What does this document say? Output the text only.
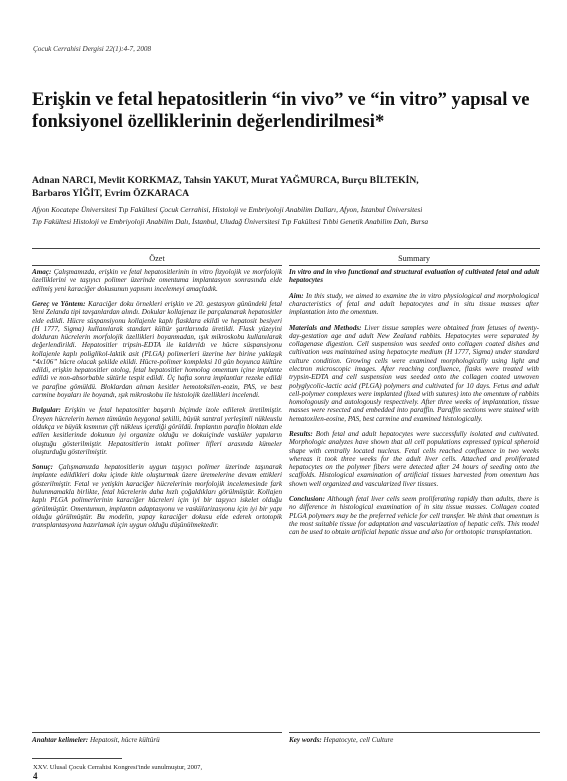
Çocuk Cerrahisi Dergisi 22(1):4-7, 2008
Erişkin ve fetal hepatositlerin “in vivo” ve “in vitro” yapısal ve fonksiyonel özelliklerinin değerlendirilmesi*
Adnan NARCI, Mevlit KORKMAZ, Tahsin YAKUT, Murat YAĞMURCA, Burçu BİLTEKİN,
Barbaros YİĞİT, Evrim ÖZKARACA
Afyon Kocatepe Üniversitesi Tıp Fakültesi Çocuk Cerrahisi, Histoloji ve Embriyoloji Anabilim Dalları, Afyon, İstanbul Üniversitesi
Tıp Fakültesi Histoloji ve Embriyoloji Anabilim Dalı, İstanbul, Uludağ Üniversitesi Tıp Fakültesi Tıbbi Genetik Anabilim Dalı, Bursa
Özet	Summary

Amaç: Çalışmamızda, erişkin ve fetal hepatositlerinin in vitro fizyolojik ve morfolojik özelliklerini ve taşıyıcı polimer üzerinde omentuma implantasyon sonrasında elde edilmiş yeni karaciğer dokusunun yapısını incelemeyi amaçladık.

Gereç ve Yöntem: Karaciğer doku örnekleri erişkin ve 20. gestasyon günündeki fetal Yeni Zelanda tipi tavşanlardan alındı. Dokular kollajenaz ile parçalanarak hepatositler elde edildi. Hücre süspansiyonu kollajenle kaplı flasklara ekildi ve hepatosit besiyeri (H 1777, Sigma) kullanılarak standart kültür şartlarında üretildi. Flask yüzeyini dolduran hücrelerin morfolojik özellikleri boyanmadan, ışık mikroskobu kullanılarak değerlendirildi. Hepatositler tripsin-EDTA ile kaldırıldı ve hücre süspansiyonu kollajenle kaplı poliglikol-laktik asit (PLGA) polimerleri üzerine her birine yaklaşık “4x106” hücre olacak şekilde ekildi. Hücre-polimer kompleksi 10 gün boyunca kültüre edildi, erişkin hepatositler otolog, fetal hepatositler homolog omentum içine implante edildi ve non-absorbable sütürle tespit edildi. Üç hafta sonra implantlar rezeke edildi ve parafine gömüldü. Bloklardan alınan kesitler hemotoksilen-eozin, PAS, ve best carmine boyaları ile boyandı, ışık mikroskobu ile histolojik özellikleri incelendi.

Bulgular: Erişkin ve fetal hepatositler başarılı biçimde izole edilerek üretilmiştir. Üreyen hücrelerin hemen tümünün heygonal şekilli, büyük santral yerleşimli nükleuslu oldukça ve büyük kısmının çift nükleus içerdiği görüldü. İmplantın parafin bloktan elde edilen kesitlerinde dokunun iyi organize olduğu ve dokuiçinde vasküler yapıların oluştuğu gösterilmiştir. Hepatositlerin intakt polimer lifleri arasında kümeler oluşturduğu gösterilmiştir.

Sonuç: Çalışmamızda hepatositlerin uygun taşıyıcı polimer üzerinde taşınarak implante edildikleri doku içinde kitle oluşturmak üzere üremelerine devam ettikleri gösterilmiştir. Fetal ve yetişkin karaciğer hücrelerinin morfolojik incelemesinde fark bulunmamakla birlikte, fetal hücrelerin daha hızlı çoğaldıkları görülmüştür. Kollajen kaplı PLGA polimerlerinin karaciğer hücreleri için iyi bir taşıyıcı iskelet olduğu görülmüştür. Omentumun, implantın adaptasyonu ve vaskülarizasyonu için iyi bir yapı olduğu görülmüştür. Bu modelin, yapay karaciğer dokusu elde ederek ortotopik transplantasyona hazırlamak için uygun olduğu düşünülmektedir.

In vitro and in vivo functional and structural evaluation of cultivated fetal and adult hepatocytes

Aim: In this study, we aimed to examine the in vitro physiological and morphological characteristics of fetal and adult hepatocytes and in situ tissue masses after implantation into the omentum.

Materials and Methods: Liver tissue samples were obtained from fetuses of twenty-day-gestation age and adult New Zealand rabbits. Hepatocytes were separated by collagenase digestion. Cell suspension was seeded onto collagen coated dishes and cultivation was maintained using hepatocyte medium (H 1777, Sigma) under standard culture condition. Growing cells were examined morphologically using light and electron microscopic images. After reaching confluence, flasks were treated with trypsin-EDTA and cell suspension was seeded onto the collagen coated unwoven polyglycolic-lactic acid (PLGA) polymers and cultivated for 10 days. Fetus and adult cell-polymer complexes were implanted (fixed with sutures) into the omentum of rabbits homologously and autologously respectively. After three weeks of implantation, tissue masses were resected and embedded into paraffin. Paraffin sections were stained with hematoxilen-eosine, PAS, best carmine and examined histologically.

Results: Both fetal and adult hepatocytes were successfully isolated and cultivated. Morphologic analyzes have shown that all cell populations expressed typical spheroid shape with centrally located nucleus. Fetal cells reached confluence in two weeks whereas it took three weeks for the adult liver cells. Attached and proliferated hepatocytes on the polymer fibers were detected after 24 hours of seeding onto the scaffolds. Histological examination of artificial tissues harvested from omentum has shown well organized and vascularized liver tissues.

Conclusion: Although fetal liver cells seem proliferating rapidly than adults, there is no difference in histological examination of in situ tissue masses. Collagen coated PLGA polymers may be the preferred vehicle for cell transfer. We think that omentum is the most suitable tissue for adaptation and vascularization of hepatic cells. This model can be used to obtain artificial hepatic tissue and also for orthotopic transplantation.

Anahtar kelimeler: Hepatosit, hücre kültürü	Key words: Hepatocyte, cell Culture
XXV. Ulusal Çocuk Cerrahisi Kongresi'inde sunulmuştur, 2007,
4
